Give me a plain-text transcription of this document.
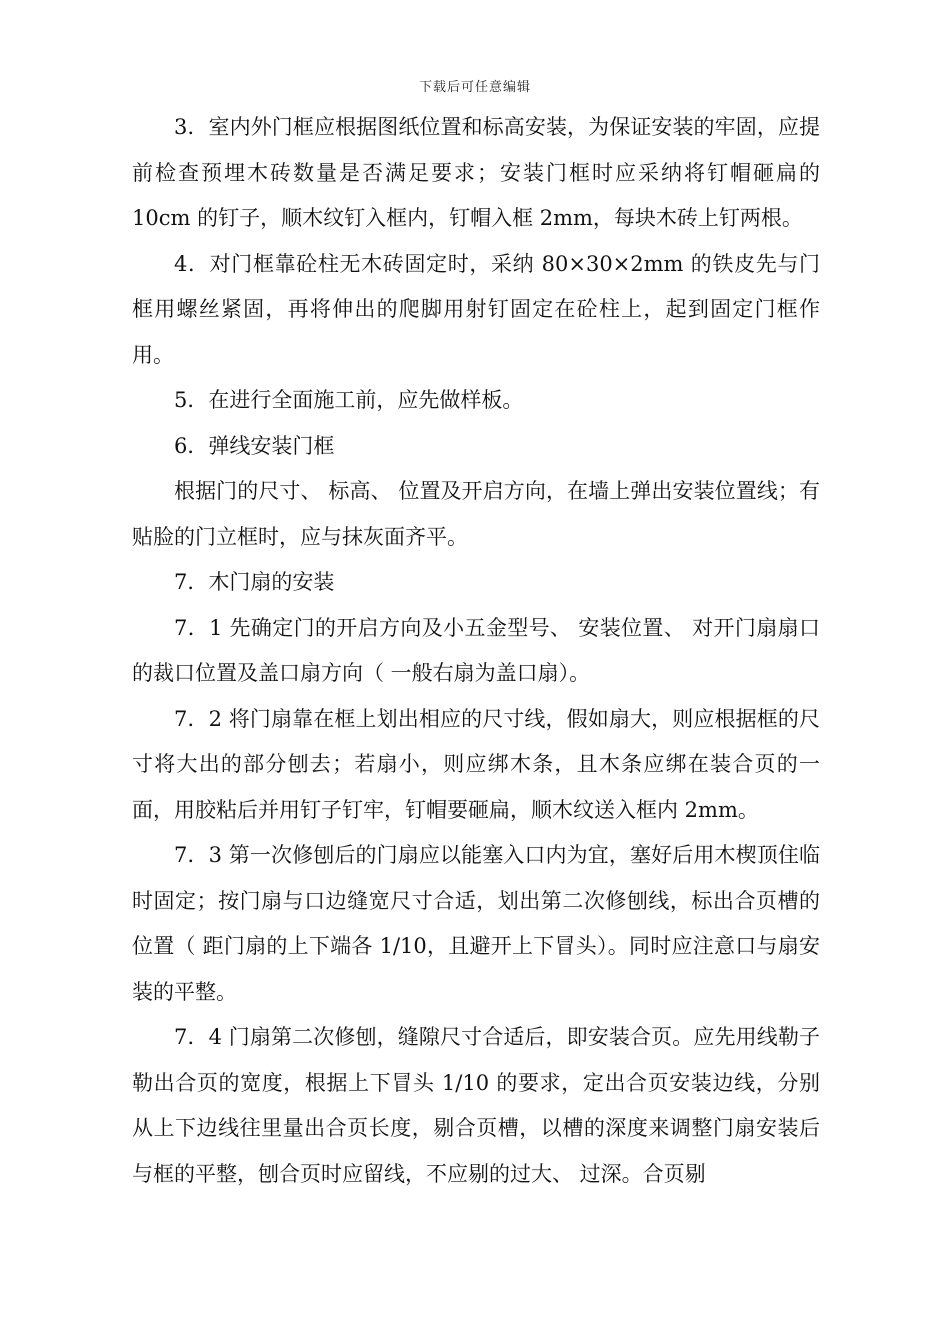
下载后可任意编辑

3．室内外门框应根据图纸位置和标高安装，为保证安装的牢固，应提前检查预埋木砖数量是否满足要求；安装门框时应采纳将钉帽砸扁的 10cm 的钉子，顺木纹钉入框内，钉帽入框 2mm，每块木砖上钉两根。

4．对门框靠砼柱无木砖固定时，采纳 80×30×2mm 的铁皮先与门框用螺丝紧固，再将伸出的爬脚用射钉固定在砼柱上，起到固定门框作用。

5．在进行全面施工前，应先做样板。

6．弹线安装门框

根据门的尺寸、 标高、 位置及开启方向，在墙上弹出安装位置线；有贴脸的门立框时，应与抹灰面齐平。

7．木门扇的安装

7．1 先确定门的开启方向及小五金型号、 安装位置、 对开门扇扇口的裁口位置及盖口扇方向（ 一般右扇为盖口扇）。

7．2 将门扇靠在框上划出相应的尺寸线，假如扇大，则应根据框的尺寸将大出的部分刨去；若扇小，则应绑木条，且木条应绑在装合页的一面，用胶粘后并用钉子钉牢，钉帽要砸扁，顺木纹送入框内 2mm。

7．3 第一次修刨后的门扇应以能塞入口内为宜，塞好后用木楔顶住临时固定；按门扇与口边缝宽尺寸合适，划出第二次修刨线，标出合页槽的位置（ 距门扇的上下端各 1/10，且避开上下冒头）。同时应注意口与扇安装的平整。

7．4 门扇第二次修刨，缝隙尺寸合适后，即安装合页。应先用线勒子勒出合页的宽度，根据上下冒头 1/10 的要求，定出合页安装边线，分别从上下边线往里量出合页长度，剔合页槽，以槽的深度来调整门扇安装后与框的平整，刨合页时应留线，不应剔的过大、 过深。合页剔
